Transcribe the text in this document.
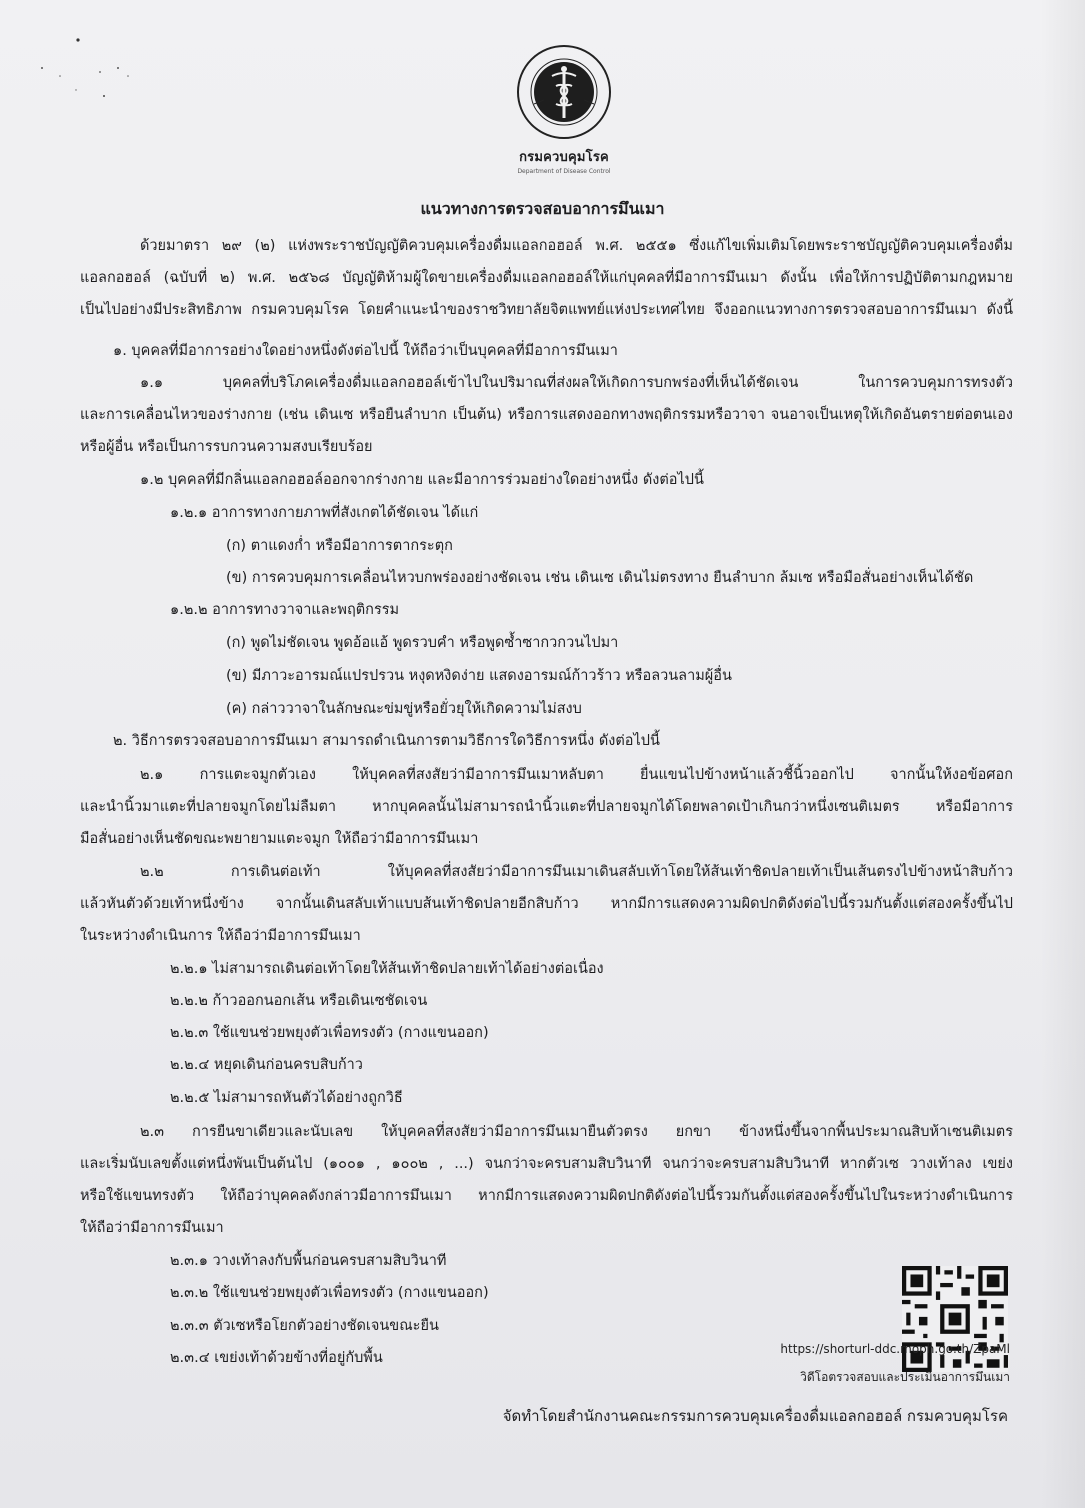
กรมควบคุมโรค
Department of Disease Control
แนวทางการตรวจสอบอาการมึนเมา
ด้วยมาตรา ๒๙ (๒) แห่งพระราชบัญญัติควบคุมเครื่องดื่มแอลกอฮอล์ พ.ศ. ๒๕๕๑ ซึ่งแก้ไขเพิ่มเติมโดยพระราชบัญญัติควบคุมเครื่องดื่ม
แอลกอฮอล์ (ฉบับที่ ๒) พ.ศ. ๒๕๖๘ บัญญัติห้ามผู้ใดขายเครื่องดื่มแอลกอฮอล์ให้แก่บุคคลที่มีอาการมึนเมา ดังนั้น เพื่อให้การปฏิบัติตามกฎหมาย
เป็นไปอย่างมีประสิทธิภาพ กรมควบคุมโรค โดยคำแนะนำของราชวิทยาลัยจิตแพทย์แห่งประเทศไทย จึงออกแนวทางการตรวจสอบอาการมึนเมา ดังนี้
๑. บุคคลที่มีอาการอย่างใดอย่างหนึ่งดังต่อไปนี้ ให้ถือว่าเป็นบุคคลที่มีอาการมึนเมา
๑.๑ บุคคลที่บริโภคเครื่องดื่มแอลกอฮอล์เข้าไปในปริมาณที่ส่งผลให้เกิดการบกพร่องที่เห็นได้ชัดเจน ในการควบคุมการทรงตัว
และการเคลื่อนไหวของร่างกาย (เช่น เดินเซ หรือยืนลำบาก เป็นต้น) หรือการแสดงออกทางพฤติกรรมหรือวาจา จนอาจเป็นเหตุให้เกิดอันตรายต่อตนเอง
หรือผู้อื่น หรือเป็นการรบกวนความสงบเรียบร้อย
๑.๒ บุคคลที่มีกลิ่นแอลกอฮอล์ออกจากร่างกาย และมีอาการร่วมอย่างใดอย่างหนึ่ง ดังต่อไปนี้
๑.๒.๑ อาการทางกายภาพที่สังเกตได้ชัดเจน ได้แก่
(ก) ตาแดงก่ำ หรือมีอาการตากระตุก
(ข) การควบคุมการเคลื่อนไหวบกพร่องอย่างชัดเจน เช่น เดินเซ เดินไม่ตรงทาง ยืนลำบาก ล้มเซ หรือมือสั่นอย่างเห็นได้ชัด
๑.๒.๒ อาการทางวาจาและพฤติกรรม
(ก) พูดไม่ชัดเจน พูดอ้อแอ้ พูดรวบคำ หรือพูดซ้ำซากวกวนไปมา
(ข) มีภาวะอารมณ์แปรปรวน หงุดหงิดง่าย แสดงอารมณ์ก้าวร้าว หรือลวนลามผู้อื่น
(ค) กล่าววาจาในลักษณะข่มขู่หรือยั่วยุให้เกิดความไม่สงบ
๒. วิธีการตรวจสอบอาการมึนเมา สามารถดำเนินการตามวิธีการใดวิธีการหนึ่ง ดังต่อไปนี้
๒.๑ การแตะจมูกตัวเอง ให้บุคคลที่สงสัยว่ามีอาการมึนเมาหลับตา ยื่นแขนไปข้างหน้าแล้วชี้นิ้วออกไป จากนั้นให้งอข้อศอก
และนำนิ้วมาแตะที่ปลายจมูกโดยไม่ลืมตา หากบุคคลนั้นไม่สามารถนำนิ้วแตะที่ปลายจมูกได้โดยพลาดเป้าเกินกว่าหนึ่งเซนติเมตร หรือมีอาการ
มือสั่นอย่างเห็นชัดขณะพยายามแตะจมูก ให้ถือว่ามีอาการมึนเมา
๒.๒ การเดินต่อเท้า ให้บุคคลที่สงสัยว่ามีอาการมึนเมาเดินสลับเท้าโดยให้ส้นเท้าชิดปลายเท้าเป็นเส้นตรงไปข้างหน้าสิบก้าว
แล้วหันตัวด้วยเท้าหนึ่งข้าง จากนั้นเดินสลับเท้าแบบส้นเท้าชิดปลายอีกสิบก้าว หากมีการแสดงความผิดปกติดังต่อไปนี้รวมกันตั้งแต่สองครั้งขึ้นไป
ในระหว่างดำเนินการ ให้ถือว่ามีอาการมึนเมา
๒.๒.๑ ไม่สามารถเดินต่อเท้าโดยให้ส้นเท้าชิดปลายเท้าได้อย่างต่อเนื่อง
๒.๒.๒ ก้าวออกนอกเส้น หรือเดินเซชัดเจน
๒.๒.๓ ใช้แขนช่วยพยุงตัวเพื่อทรงตัว (กางแขนออก)
๒.๒.๔ หยุดเดินก่อนครบสิบก้าว
๒.๒.๕ ไม่สามารถหันตัวได้อย่างถูกวิธี
๒.๓ การยืนขาเดียวและนับเลข ให้บุคคลที่สงสัยว่ามีอาการมึนเมายืนตัวตรง ยกขา ข้างหนึ่งขึ้นจากพื้นประมาณสิบห้าเซนติเมตร
และเริ่มนับเลขตั้งแต่หนึ่งพันเป็นต้นไป (๑๐๐๑ , ๑๐๐๒ , ...) จนกว่าจะครบสามสิบวินาที จนกว่าจะครบสามสิบวินาที หากตัวเซ วางเท้าลง เขย่ง
หรือใช้แขนทรงตัว ให้ถือว่าบุคคลดังกล่าวมีอาการมึนเมา หากมีการแสดงความผิดปกติดังต่อไปนี้รวมกันตั้งแต่สองครั้งขึ้นไปในระหว่างดำเนินการ
ให้ถือว่ามีอาการมึนเมา
๒.๓.๑ วางเท้าลงกับพื้นก่อนครบสามสิบวินาที
๒.๓.๒ ใช้แขนช่วยพยุงตัวเพื่อทรงตัว (กางแขนออก)
๒.๓.๓ ตัวเซหรือโยกตัวอย่างชัดเจนขณะยืน
๒.๓.๔ เขย่งเท้าด้วยข้างที่อยู่กับพื้น
https://shorturl-ddc.moph.go.th/ZpaMl
วิดีโอตรวจสอบและประเมินอาการมึนเมา
จัดทำโดยสำนักงานคณะกรรมการควบคุมเครื่องดื่มแอลกอฮอล์ กรมควบคุมโรค
